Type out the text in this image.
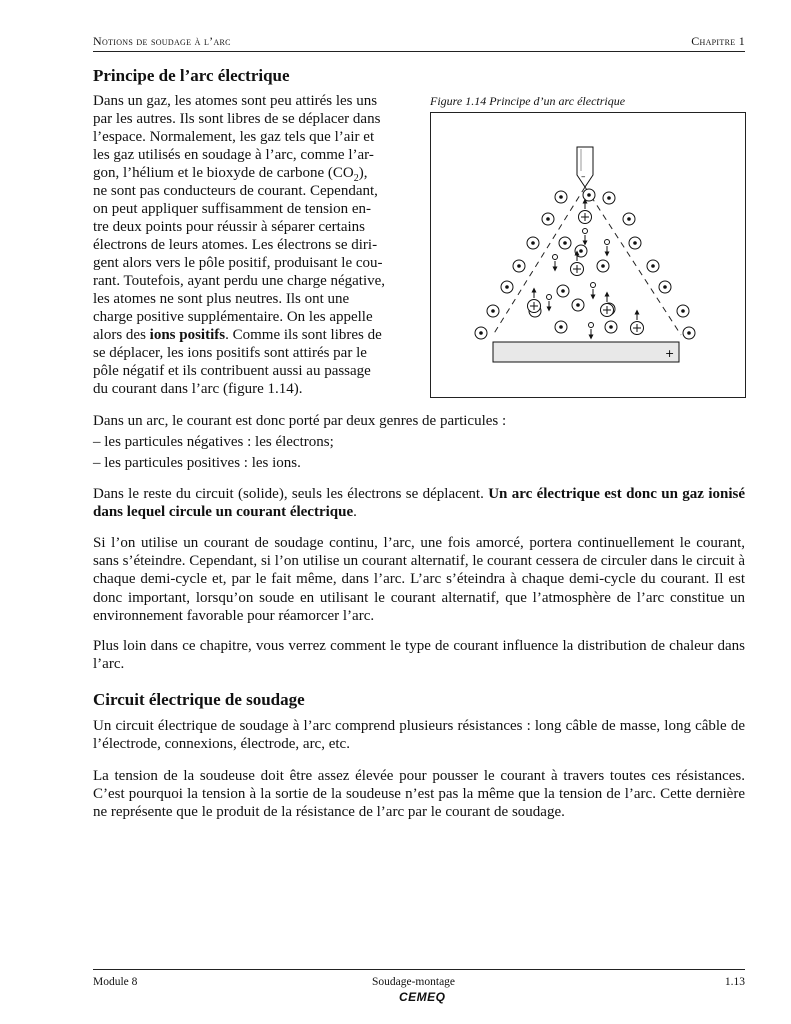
Notions de soudage à l’arc	Chapitre 1
Principe de l’arc électrique

Dans un gaz, les atomes sont peu attirés les uns

par les autres. Ils sont libres de se déplacer dans

l’espace. Normalement, les gaz tels que l’air et

les gaz utilisés en soudage à l’arc, comme l’ar-

gon, l’hélium et le bioxyde de carbone $(CO_2)$,

ne sont pas conducteurs de courant. Cependant,

on peut appliquer suffisamment de tension en-

tre deux points pour réussir à séparer certains

électrons de leurs atomes. Les électrons se diri-

gent alors vers le pôle positif, produisant le cou-

rant. Toutefois, ayant perdu une charge négative,

les atomes ne sont plus neutres. Ils ont une

charge positive supplémentaire. On les appelle

alors des ions positifs. Comme ils sont libres de

se déplacer, les ions positifs sont attirés par le

pôle négatif et ils contribuent aussi au passage

du courant dans l’arc (figure 1.14).

Figure 1.14 Principe d’un arc électrique
–
+

Dans un arc, le courant est donc porté par deux genres de particules :

– les particules négatives : les électrons;

– les particules positives : les ions.

Dans le reste du circuit (solide), seuls les électrons se déplacent. Un arc électrique est donc un gaz ionisé dans lequel circule un courant électrique.

Si l’on utilise un courant de soudage continu, l’arc, une fois amorcé, portera continuellement le courant, sans s’éteindre. Cependant, si l’on utilise un courant alternatif, le courant cessera de circuler dans le circuit à chaque demi-cycle et, par le fait même, dans l’arc. L’arc s’éteindra à chaque demi-cycle du courant. Il est donc important, lorsqu’on soude en utilisant le courant alternatif, que l’atmosphère de l’arc constitue un environnement favorable pour réamorcer l’arc.

Plus loin dans ce chapitre, vous verrez comment le type de courant influence la distribution de chaleur dans l’arc.

Circuit électrique de soudage

Un circuit électrique de soudage à l’arc comprend plusieurs résistances : long câble de masse, long câble de l’électrode, connexions, électrode, arc, etc.

La tension de la soudeuse doit être assez élevée pour pousser le courant à travers toutes ces résistances. C’est pourquoi la tension à la sortie de la soudeuse n’est pas la même que la tension de l’arc. Cette dernière ne représente que le produit de la résistance de l’arc par le courant de soudage.

Module 8	Soudage-montage	1.13
CEMEQ
